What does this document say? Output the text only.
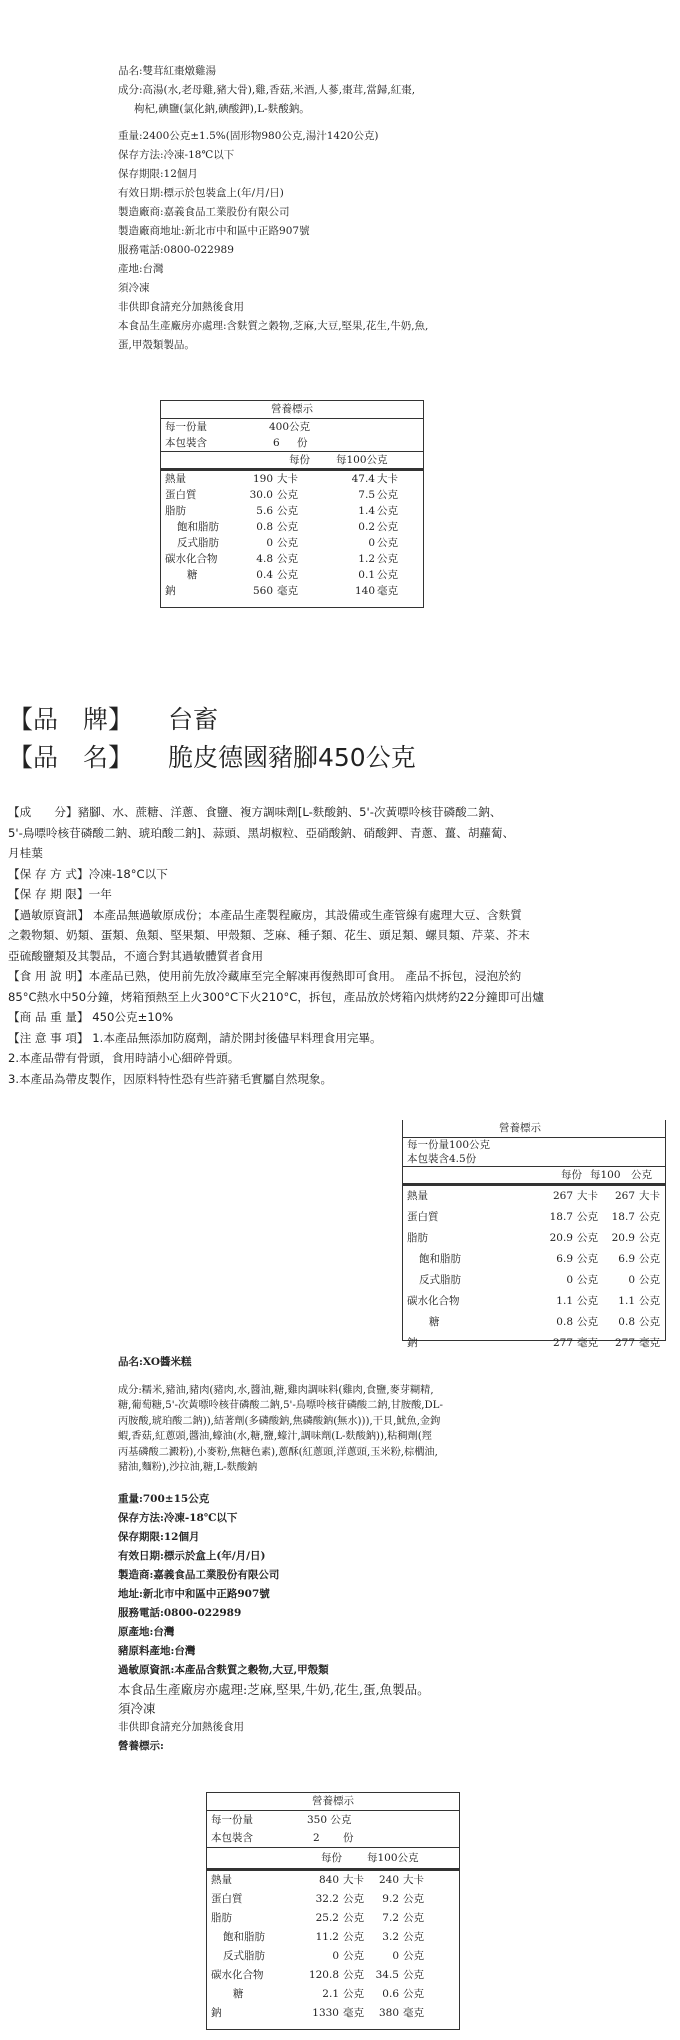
品名:雙茸紅棗燉雞湯
成分:高湯(水,老母雞,豬大骨),雞,香菇,米酒,人蔘,棗茸,當歸,紅棗,
枸杞,碘鹽(氯化鈉,碘酸鉀),L-麩酸鈉。
重量:2400公克±1.5%(固形物980公克,湯汁1420公克)
保存方法:冷凍-18℃以下
保存期限:12個月
有效日期:標示於包裝盒上(年/月/日)
製造廠商:嘉義食品工業股份有限公司
製造廠商地址:新北市中和區中正路907號
服務電話:0800-022989
產地:台灣
須冷凍
非供即食請充分加熱後食用
本食品生產廠房亦處理:含麩質之穀物,芝麻,大豆,堅果,花生,牛奶,魚,
蛋,甲殼類製品。
營養標示
每一份量	400公克
本包裝含	6 份
每份 每100公克
熱量	190 大卡	47.4 大卡
蛋白質	30.0 公克	7.5 公克
脂肪	5.6 公克	1.4 公克
飽和脂肪	0.8 公克	0.2 公克
反式脂肪	0 公克	0 公克
碳水化合物	4.8 公克	1.2 公克
糖	0.4 公克	0.1 公克
鈉	560 毫克	140 毫克
【品　牌】 台畜
【品　名】 脆皮德國豬腳450公克
【成　　分】豬腳、水、蔗糖、洋蔥、食鹽、複方調味劑[L-麩酸鈉、5'-次黃嘌呤核苷磷酸二鈉、
5'-鳥嘌呤核苷磷酸二鈉、琥珀酸二鈉]、蒜頭、黑胡椒粒、亞硝酸鈉、硝酸鉀、青蔥、薑、胡蘿蔔、
月桂葉
【保 存 方 式】冷凍-18°C以下
【保 存 期 限】一年
【過敏原資訊】 本產品無過敏原成份；本產品生產製程廠房，其設備或生產管線有處理大豆、含麩質
之穀物類、奶類、蛋類、魚類、堅果類、甲殼類、芝麻、種子類、花生、頭足類、螺貝類、芹菜、芥末
亞硫酸鹽類及其製品，不適合對其過敏體質者食用
【食 用 說 明】本產品已熟，使用前先放冷藏庫至完全解凍再復熱即可食用。 產品不拆包，浸泡於約
85°C熱水中50分鐘，烤箱預熱至上火300°C下火210°C，拆包，產品放於烤箱內烘烤約22分鐘即可出爐
【商 品 重 量】 450公克±10%
【注 意 事 項】 1.本產品無添加防腐劑，請於開封後儘早料理食用完畢。
2.本產品帶有骨頭，食用時請小心細碎骨頭。
3.本產品為帶皮製作，因原料特性恐有些許豬毛實屬自然現象。
營養標示
每一份量100公克
本包裝含4.5份
每份 每100　公克
熱量	267 大卡 267 大卡
蛋白質	18.7 公克 18.7 公克
脂肪	20.9 公克 20.9 公克
飽和脂肪	6.9 公克 6.9 公克
反式脂肪	0 公克	0 公克
碳水化合物	1.1 公克 1.1 公克
糖	0.8 公克 0.8 公克
鈉	277 毫克 277 毫克
品名:XO醬米糕
成分:糯米,豬油,豬肉(豬肉,水,醬油,糖,雞肉調味料(雞肉,食鹽,麥芽糊精,
糖,葡萄糖,5'-次黃嘌呤核苷磷酸二鈉,5'-鳥嘌呤核苷磷酸二鈉,甘胺酸,DL-
丙胺酸,琥珀酸二鈉)),結著劑(多磷酸鈉,焦磷酸鈉(無水))),干貝,魷魚,金鉤
蝦,香菇,紅蔥頭,醬油,蠔油(水,糖,鹽,蠔汁,調味劑(L-麩酸鈉)),粘稠劑(羥
丙基磷酸二澱粉),小麥粉,焦糖色素),蔥酥(紅蔥頭,洋蔥頭,玉米粉,棕櫚油,
豬油,麵粉),沙拉油,糖,L-麩酸鈉
重量:700±15公克
保存方法:冷凍-18℃以下
保存期限:12個月
有效日期:標示於盒上(年/月/日)
製造商:嘉義食品工業股份有限公司
地址:新北市中和區中正路907號
服務電話:0800-022989
原產地:台灣
豬原料產地:台灣
過敏原資訊:本產品含麩質之穀物,大豆,甲殼類
本食品生產廠房亦處理:芝麻,堅果,牛奶,花生,蛋,魚製品。
須冷凍
非供即食請充分加熱後食用
營養標示:
營養標示
每一份量	350 公克
本包裝含	2 份
每份 每100公克
熱量	840 大卡 240 大卡
蛋白質	32.2 公克 9.2 公克
脂肪	25.2 公克 7.2 公克
飽和脂肪	11.2 公克 3.2 公克
反式脂肪	0 公克	0 公克
碳水化合物	120.8 公克 34.5 公克
糖	2.1 公克 0.6 公克
鈉	1330 毫克 380 毫克
